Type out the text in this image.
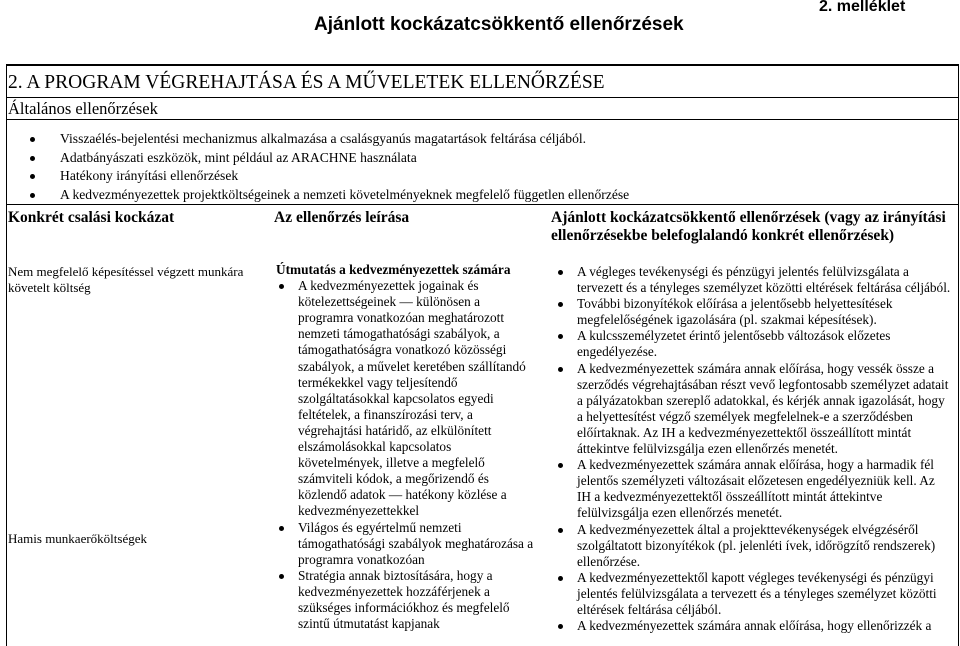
Ajánlott kockázatcsökkentő ellenőrzések
2. melléklet
2. A PROGRAM VÉGREHAJTÁSA ÉS A MŰVELETEK ELLENŐRZÉSE
Általános ellenőrzések
Visszaélés-bejelentési mechanizmus alkalmazása a csalásgyanús magatartások feltárása céljából.
Adatbányászati eszközök, mint például az ARACHNE használata
Hatékony irányítási ellenőrzések
A kedvezményezettek projektköltségeinek a nemzeti követelményeknek megfelelő független ellenőrzése
Konkrét csalási kockázat	Az ellenőrzés leírása	Ajánlott kockázatcsökkentő ellenőrzések (vagy az irányítási ellenőrzésekbe belefoglalandó konkrét ellenőrzések)
Nem megfelelő képesítéssel végzett munkára követelt költség
Hamis munkaerőköltségek
Útmutatás a kedvezményezettek számára
A kedvezményezettek jogainak és kötelezettségeinek — különösen a programra vonatkozóan meghatározott nemzeti támogathatósági szabályok, a támogathatóságra vonatkozó közösségi szabályok, a művelet keretében szállítandó termékekkel vagy teljesítendő szolgáltatásokkal kapcsolatos egyedi feltételek, a finanszírozási terv, a végrehajtási határidő, az elkülönített elszámolásokkal kapcsolatos követelmények, illetve a megfelelő számviteli kódok, a megőrizendő és közlendő adatok — hatékony közlése a kedvezményezettekkel
Világos és egyértelmű nemzeti támogathatósági szabályok meghatározása a programra vonatkozóan
Stratégia annak biztosítására, hogy a kedvezményezettek hozzáférjenek a szükséges információkhoz és megfelelő szintű útmutatást kapjanak
A végleges tevékenységi és pénzügyi jelentés felülvizsgálata a tervezett és a tényleges személyzet közötti eltérések feltárása céljából.
További bizonyítékok előírása a jelentősebb helyettesítések megfelelőségének igazolására (pl. szakmai képesítések).
A kulcsszemélyzetet érintő jelentősebb változások előzetes engedélyezése.
A kedvezményezettek számára annak előírása, hogy vessék össze a szerződés végrehajtásában részt vevő legfontosabb személyzet adatait a pályázatokban szereplő adatokkal, és kérjék annak igazolását, hogy a helyettesítést végző személyek megfelelnek-e a szerződésben előírtaknak. Az IH a kedvezményezettektől összeállított mintát áttekintve felülvizsgálja ezen ellenőrzés menetét.
A kedvezményezettek számára annak előírása, hogy a harmadik fél jelentős személyzeti változásait előzetesen engedélyezniük kell. Az IH a kedvezményezettektől összeállított mintát áttekintve felülvizsgálja ezen ellenőrzés menetét.
A kedvezményezettek által a projekttevékenységek elvégzéséről szolgáltatott bizonyítékok (pl. jelenléti ívek, időrögzítő rendszerek) ellenőrzése.
A kedvezményezettektől kapott végleges tevékenységi és pénzügyi jelentés felülvizsgálata a tervezett és a tényleges személyzet közötti eltérések feltárása céljából.
A kedvezményezettek számára annak előírása, hogy ellenőrizzék a
